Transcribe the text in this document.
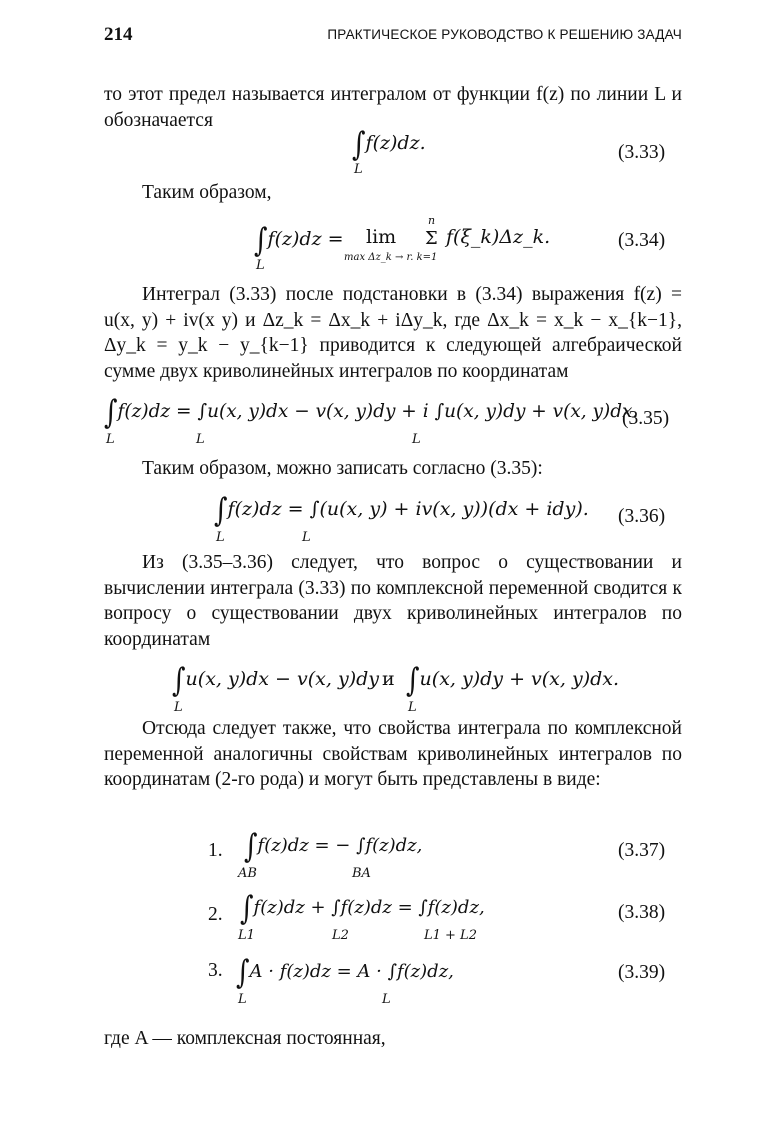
214	ПРАКТИЧЕСКОЕ РУКОВОДСТВО К РЕШЕНИЮ ЗАДАЧ

то этот предел называется интегралом от функции f(z) по линии L и обозначается

∫f(z)dz.
L
(3.33)

Таким образом,

∫f(z)dz = lim
max Δz_k → r. k=1
n
Σ f(ξ_k)Δz_k.
L
(3.34)

Интеграл (3.33) после подстановки в (3.34) выражения f(z) = u(x, y) + iv(x y) и Δz_k = Δx_k + iΔy_k, где Δx_k = x_k − x_{k−1}, Δy_k = y_k − y_{k−1} приводится к следующей алгебраической сумме двух криволинейных интегралов по координатам

∫f(z)dz = ∫u(x, y)dx − v(x, y)dy + i ∫u(x, y)dy + v(x, y)dx.
L	L	L
(3.35)

Таким образом, можно записать согласно (3.35):

∫f(z)dz = ∫(u(x, y) + iv(x, y))(dx + idy).
L	L
(3.36)

Из (3.35–3.36) следует, что вопрос о существовании и вычислении интеграла (3.33) по комплексной переменной сводится к вопросу о существовании двух криволинейных интегралов по координатам

∫u(x, y)dx − v(x, y)dy и ∫u(x, y)dy + v(x, y)dx.
L	L

Отсюда следует также, что свойства интеграла по комплексной переменной аналогичны свойствам криволинейных интегралов по координатам (2-го рода) и могут быть представлены в виде:

1. ∫f(z)dz = − ∫f(z)dz,
AB	BA
(3.37)
2. ∫f(z)dz + ∫f(z)dz = ∫f(z)dz,
L1	L2	L1 + L2
(3.38)
3. ∫A · f(z)dz = A · ∫f(z)dz,
L	L
(3.39)

где A — комплексная постоянная,
